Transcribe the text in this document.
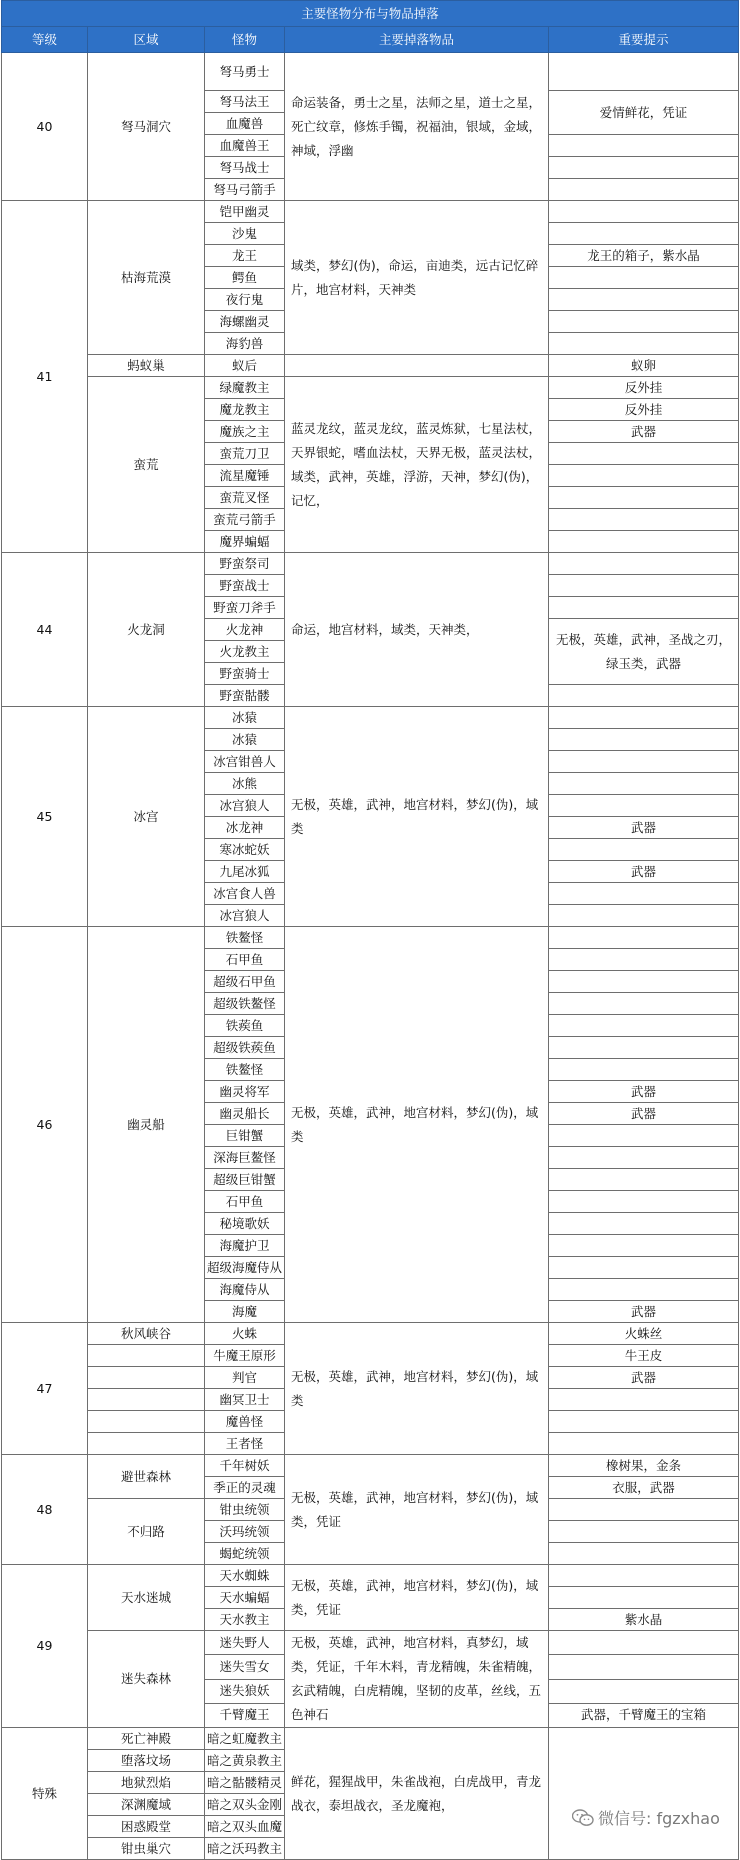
主要怪物分布与物品掉落				
等级	区域	怪物	主要掉落物品	重要提示
40	弩马洞穴	弩马勇士	命运装备，勇士之星，法师之星，道士之星，死亡纹章，修炼手镯，祝福油，银域，金域，神域，浮幽	
		弩马法王		爱情鲜花，凭证
		血魔兽		
		血魔兽王		
		弩马战士		
		弩马弓箭手		
41	枯海荒漠	铠甲幽灵	域类，梦幻(伪)，命运，亩迪类，远古记忆碎片，地宫材料，天神类	
		沙鬼		
		龙王		龙王的箱子，紫水晶
		鳄鱼		
		夜行鬼		
		海螺幽灵		
		海豹兽		
	蚂蚁巢	蚁后		蚁卵
	蛮荒	绿魔教主	蓝灵龙纹，蓝灵龙纹，蓝灵炼狱，七星法杖，天界银蛇，嗜血法杖，天界无极，蓝灵法杖，域类，武神，英雄，浮游，天神，梦幻(伪)，记忆，	反外挂
		魔龙教主		反外挂
		魔族之主		武器
		蛮荒刀卫		
		流星魔锤		
		蛮荒叉怪		
		蛮荒弓箭手		
		魔界蝙蝠		
44	火龙洞	野蛮祭司	命运，地宫材料，域类，天神类，	
		野蛮战士		
		野蛮刀斧手		
		火龙神		无极，英雄，武神，圣战之刃，绿玉类，武器
		火龙教主		
		野蛮骑士		
		野蛮骷髅		
45	冰宫	冰猿	无极，英雄，武神，地宫材料，梦幻(伪)，域类	
		冰猿		
		冰宫钳兽人		
		冰熊		
		冰宫狼人		
		冰龙神		武器
		寒冰蛇妖		
		九尾冰狐		武器
		冰宫食人兽		
		冰宫狼人		
46	幽灵船	铁鳌怪	无极，英雄，武神，地宫材料，梦幻(伪)，域类	
		石甲鱼		
		超级石甲鱼		
		超级铁鳌怪		
		铁蒺鱼		
		超级铁蒺鱼		
		铁鳌怪		
		幽灵将军		武器
		幽灵船长		武器
		巨钳蟹		
		深海巨鳌怪		
		超级巨钳蟹		
		石甲鱼		
		秘境歌妖		
		海魔护卫		
		超级海魔侍从		
		海魔侍从		
		海魔		武器
47	秋风峡谷	火蛛	无极，英雄，武神，地宫材料，梦幻(伪)，域类	火蛛丝
		牛魔王原形		牛王皮
		判官		武器
		幽冥卫士		
		魔兽怪		
		王者怪		
48	避世森林	千年树妖	无极，英雄，武神，地宫材料，梦幻(伪)，域类，凭证	橡树果，金条
		季正的灵魂		衣服，武器
	不归路	钳虫统领		
		沃玛统领		
		蝎蛇统领		
49	天水迷城	天水蜘蛛	无极，英雄，武神，地宫材料，梦幻(伪)，域类，凭证	
		天水蝙蝠		
		天水教主		紫水晶
	迷失森林	迷失野人	无极，英雄，武神，地宫材料，真梦幻，域类，凭证，千年木料，青龙精魄，朱雀精魄，玄武精魄，白虎精魄，坚韧的皮革，丝线，五色神石	
		迷失雪女		
		迷失狼妖		
		千臂魔王		武器，千臂魔王的宝箱
特殊	死亡神殿	暗之虹魔教主	鲜花，猩猩战甲，朱雀战袍，白虎战甲，青龙战衣，泰坦战衣，圣龙魔袍，	
	堕落坟场	暗之黄泉教主		
	地狱烈焰	暗之骷髅精灵		
	深渊魔域	暗之双头金刚		
	困惑殿堂	暗之双头血魔		
	钳虫巢穴	暗之沃玛教主		
微信号: fgzxhao
